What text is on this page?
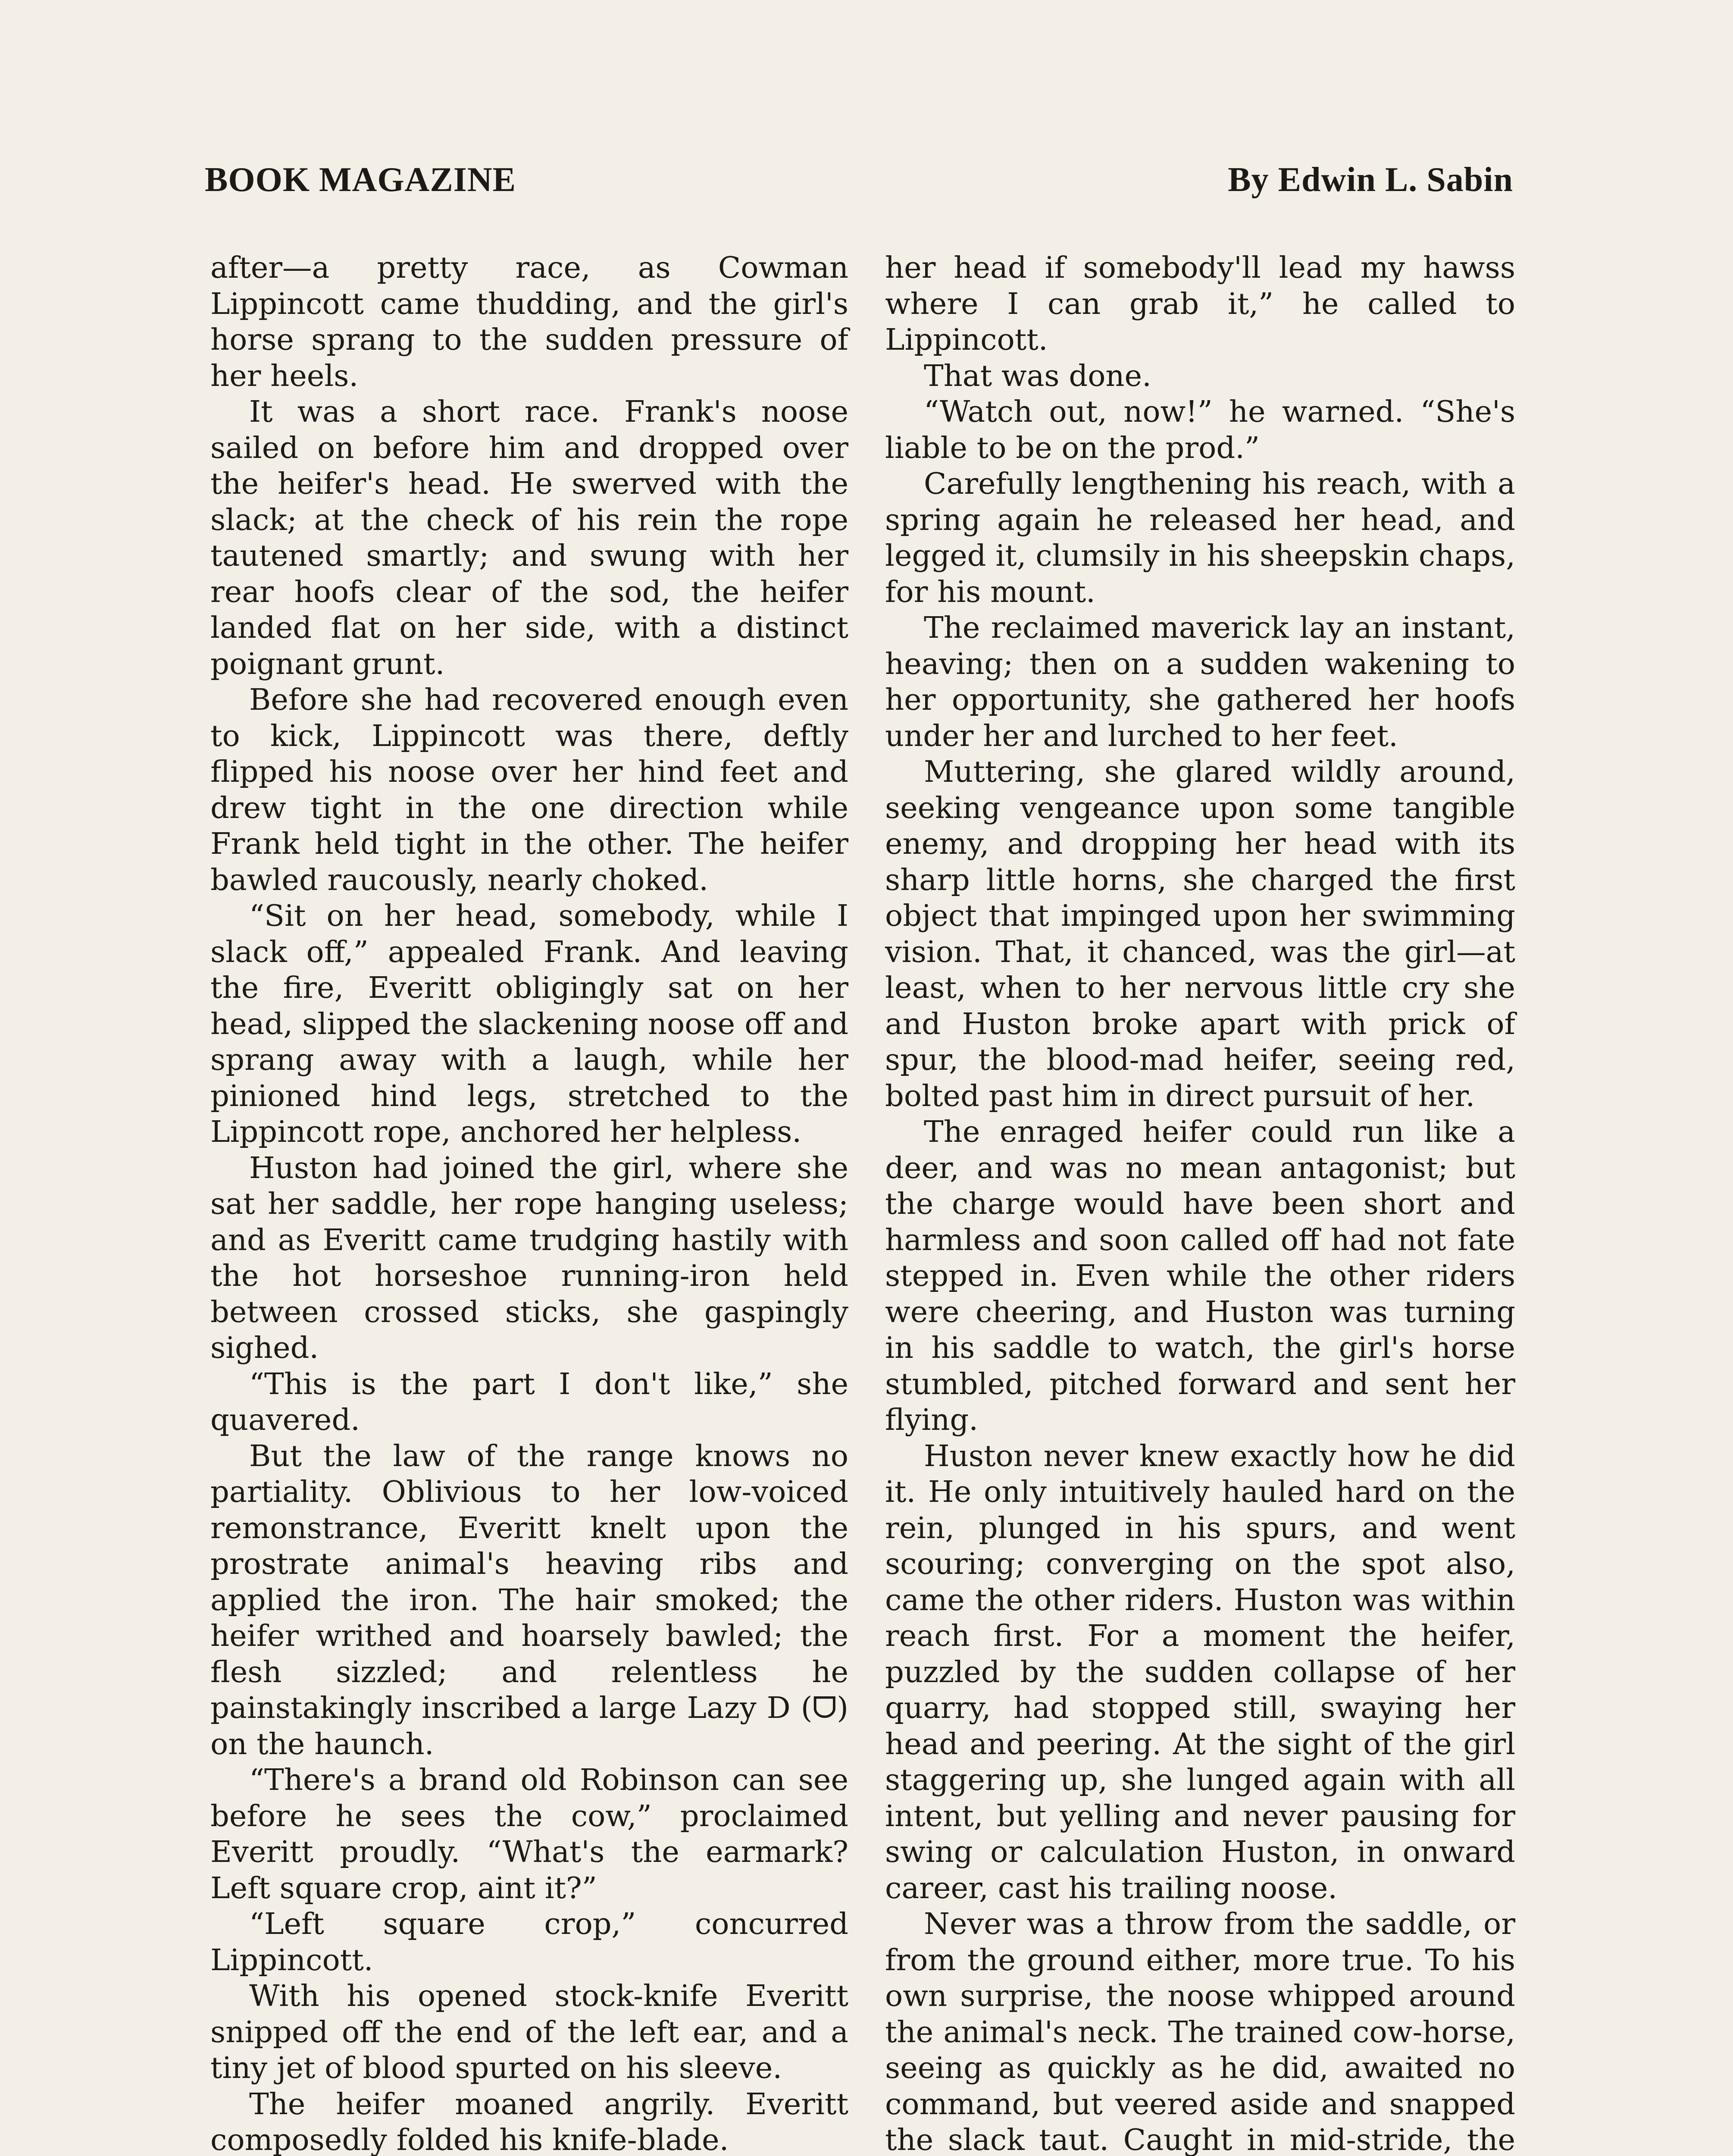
BOOK MAGAZINE	By Edwin L. Sabin

after—a pretty race, as Cowman Lippincott came thudding, and the girl's horse sprang to the sudden pressure of her heels.

It was a short race. Frank's noose sailed on before him and dropped over the heifer's head. He swerved with the slack; at the check of his rein the rope tautened smartly; and swung with her rear hoofs clear of the sod, the heifer landed flat on her side, with a distinct poignant grunt.

Before she had recovered enough even to kick, Lippincott was there, deftly flipped his noose over her hind feet and drew tight in the one direction while Frank held tight in the other. The heifer bawled raucously, nearly choked.

“Sit on her head, somebody, while I slack off,” appealed Frank. And leaving the fire, Everitt obligingly sat on her head, slipped the slackening noose off and sprang away with a laugh, while her pinioned hind legs, stretched to the Lippincott rope, anchored her helpless.

Huston had joined the girl, where she sat her saddle, her rope hanging useless; and as Everitt came trudging hastily with the hot horseshoe running-iron held between crossed sticks, she gaspingly sighed.

“This is the part I don't like,” she quavered.

But the law of the range knows no partiality. Oblivious to her low-voiced remonstrance, Everitt knelt upon the prostrate animal's heaving ribs and applied the iron. The hair smoked; the heifer writhed and hoarsely bawled; the flesh sizzled; and relentless he painstakingly inscribed a large Lazy D (ᗜ) on the haunch.

“There's a brand old Robinson can see before he sees the cow,” proclaimed Everitt proudly. “What's the earmark? Left square crop, aint it?”

“Left square crop,” concurred Lippincott.

With his opened stock-knife Everitt snipped off the end of the left ear, and a tiny jet of blood spurted on his sleeve.

The heifer moaned angrily. Everitt composedly folded his knife-blade.

her head if somebody'll lead my hawss where I can grab it,” he called to Lippincott.

That was done.

“Watch out, now!” he warned. “She's liable to be on the prod.”

Carefully lengthening his reach, with a spring again he released her head, and legged it, clumsily in his sheepskin chaps, for his mount.

The reclaimed maverick lay an instant, heaving; then on a sudden wakening to her opportunity, she gathered her hoofs under her and lurched to her feet.

Muttering, she glared wildly around, seeking vengeance upon some tangible enemy, and dropping her head with its sharp little horns, she charged the first object that impinged upon her swimming vision. That, it chanced, was the girl—at least, when to her nervous little cry she and Huston broke apart with prick of spur, the blood-mad heifer, seeing red, bolted past him in direct pursuit of her.

The enraged heifer could run like a deer, and was no mean antagonist; but the charge would have been short and harmless and soon called off had not fate stepped in. Even while the other riders were cheering, and Huston was turning in his saddle to watch, the girl's horse stumbled, pitched forward and sent her flying.

Huston never knew exactly how he did it. He only intuitively hauled hard on the rein, plunged in his spurs, and went scouring; converging on the spot also, came the other riders. Huston was within reach first. For a moment the heifer, puzzled by the sudden collapse of her quarry, had stopped still, swaying her head and peering. At the sight of the girl staggering up, she lunged again with all intent, but yelling and never pausing for swing or calculation Huston, in onward career, cast his trailing noose.

Never was a throw from the saddle, or from the ground either, more true. To his own surprise, the noose whipped around the animal's neck. The trained cow-horse, seeing as quickly as he did, awaited no command, but veered aside and snapped the slack taut. Caught in mid-stride, the
